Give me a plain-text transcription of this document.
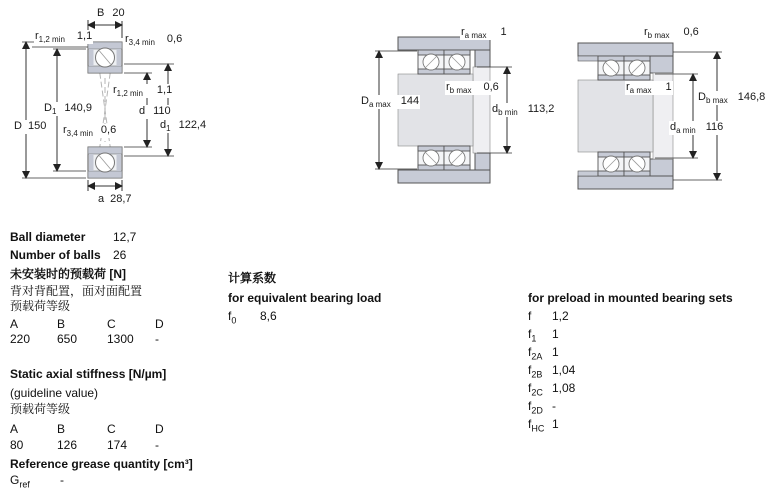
B 20
$r_{1,2 min}$ 1,1	$r_{3,4 min}$ 0,6
$D_1$ 140,9
D 150
$r_{1,2 min}$ 1,1
d 110
$r_{3,4 min}$ 0,6	$d_1$ 122,4
a 28,7
$r_{a max}$ 1
$D_{a max}$ 144
$r_{b max}$ 0,6
$d_{b min}$ 113,2
$r_{b max}$ 0,6
$r_{a max}$ 1
$D_{b max}$ 146,8
$d_{a min}$ 116
Ball diameter 12,7
Number of balls 26
未安装时的预载荷 [N]
背对背配置，面对面配置
预载荷等级
A	B	C	D
220 650 1300 -
Static axial stiffness [N/µm]
(guideline value)
预载荷等级
A	B	C	D
80	126 174 -
Reference grease quantity [cm³]
$G_{ref}$	-
计算系数
for equivalent bearing load
$f_0$ 8,6
for preload in mounted bearing sets
f 1,2
$f_1$ 1
$f_{2A}$ 1
$f_{2B}$ 1,04
$f_{2C}$ 1,08
$f_{2D}$ -
$f_{HC}$ 1
